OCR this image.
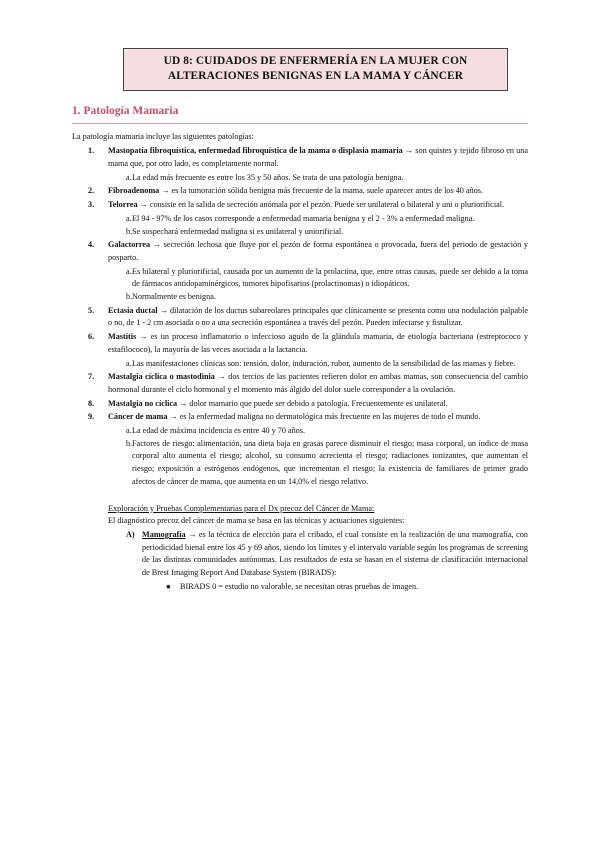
UD 8: CUIDADOS DE ENFERMERÍA EN LA MUJER CON
ALTERACIONES BENIGNAS EN LA MAMA Y CÁNCER
1. Patología Mamaria
La patología mamaria incluye las siguientes patologías:
1. Mastopatía fibroquística, enfermedad fibroquística de la mama o displasia mamaria → son quistes y tejido fibroso en una mama que, por otro lado, es completamente normal.
a. La edad más frecuente es entre los 35 y 50 años. Se trata de una patología benigna.
2. Fibroadenoma → es la tumoración sólida benigna más frecuente de la mama, suele aparecer antes de los 40 años.
3. Telorrea → consiste en la salida de secreción anómala por el pezón. Puede ser unilateral o bilateral y uni o pluriorificial.
a. El 94 - 97% de los casos corresponde a enfermedad mamaria benigna y el 2 - 3% a enfermedad maligna.
b. Se sospechará enfermedad maligna si es unilateral y uniorificial.
4. Galactorrea → secreción lechosa que fluye por el pezón de forma espontánea o provocada, fuera del periodo de gestación y posparto.
a. Es bilateral y pluriorificial, causada por un aumento de la prolactina, que, entre otras causas, puede ser debido a la toma de fármacos antidopaminérgicos, tumores hipofisarios (prolactinomas) o idiopáticos.
b. Normalmente es benigna.
5. Ectasia ductal → dilatación de los ductus subareolares principales que clínicamente se presenta como una nodulación palpable o no, de 1 - 2 cm asociada o no a una secreción espontánea a través del pezón. Pueden infectarse y fistulizar.
6. Mastitis → es un proceso inflamatorio o infeccioso agudo de la glándula mamaria, de etiología bacteriana (estreptococo y estafilococo), la mayoría de las veces asociada a la lactancia.
a. Las manifestaciones clínicas son: tensión, dolor, induración, rubor, aumento de la sensibilidad de las mamas y fiebre.
7. Mastalgia cíclica o mastodinia → dos tercios de las pacientes refieren dolor en ambas mamas, son consecuencia del cambio hormonal durante el ciclo hormonal y el momento más álgido del dolor suele corresponder a la ovulación.
8. Mastalgia no cíclica → dolor mamario que puede ser debido a patología. Frecuentemente es unilateral.
9. Cáncer de mama → es la enfermedad maligna no dermatológica más frecuente en las mujeres de todo el mundo.
a. La edad de máxima incidencia es entre 40 y 70 años.
b. Factores de riesgo: alimentación, una dieta baja en grasas parece disminuir el riesgo; masa corporal, un índice de masa corporal alto aumenta el riesgo; alcohol, su consumo acrecienta el riesgo; radiaciones ionizantes, que aumentan el riesgo; exposición a estrógenos endógenos, que incrementan el riesgo; la existencia de familiares de primer grado afectos de cáncer de mama, que aumenta en un 14,0% el riesgo relativo.
Exploración y Pruebas Complementarias para el Dx precoz del Cáncer de Mama:
El diagnóstico precoz del cáncer de mama se basa en las técnicas y actuaciones siguientes:
A) Mamografía → es la técnica de elección para el cribado, el cual consiste en la realización de una mamografía, con periodicidad bienal entre los 45 y 69 años, siendo los límites y el intervalo variable según los programas de screening de las distintas comunidades autónomas. Los resultados de esta se basan en el sistema de clasificación internacional de Brest Imaging Report And Database System (BIRADS):
● BIRADS 0 = estudio no valorable, se necesitan otras pruebas de imagen.
